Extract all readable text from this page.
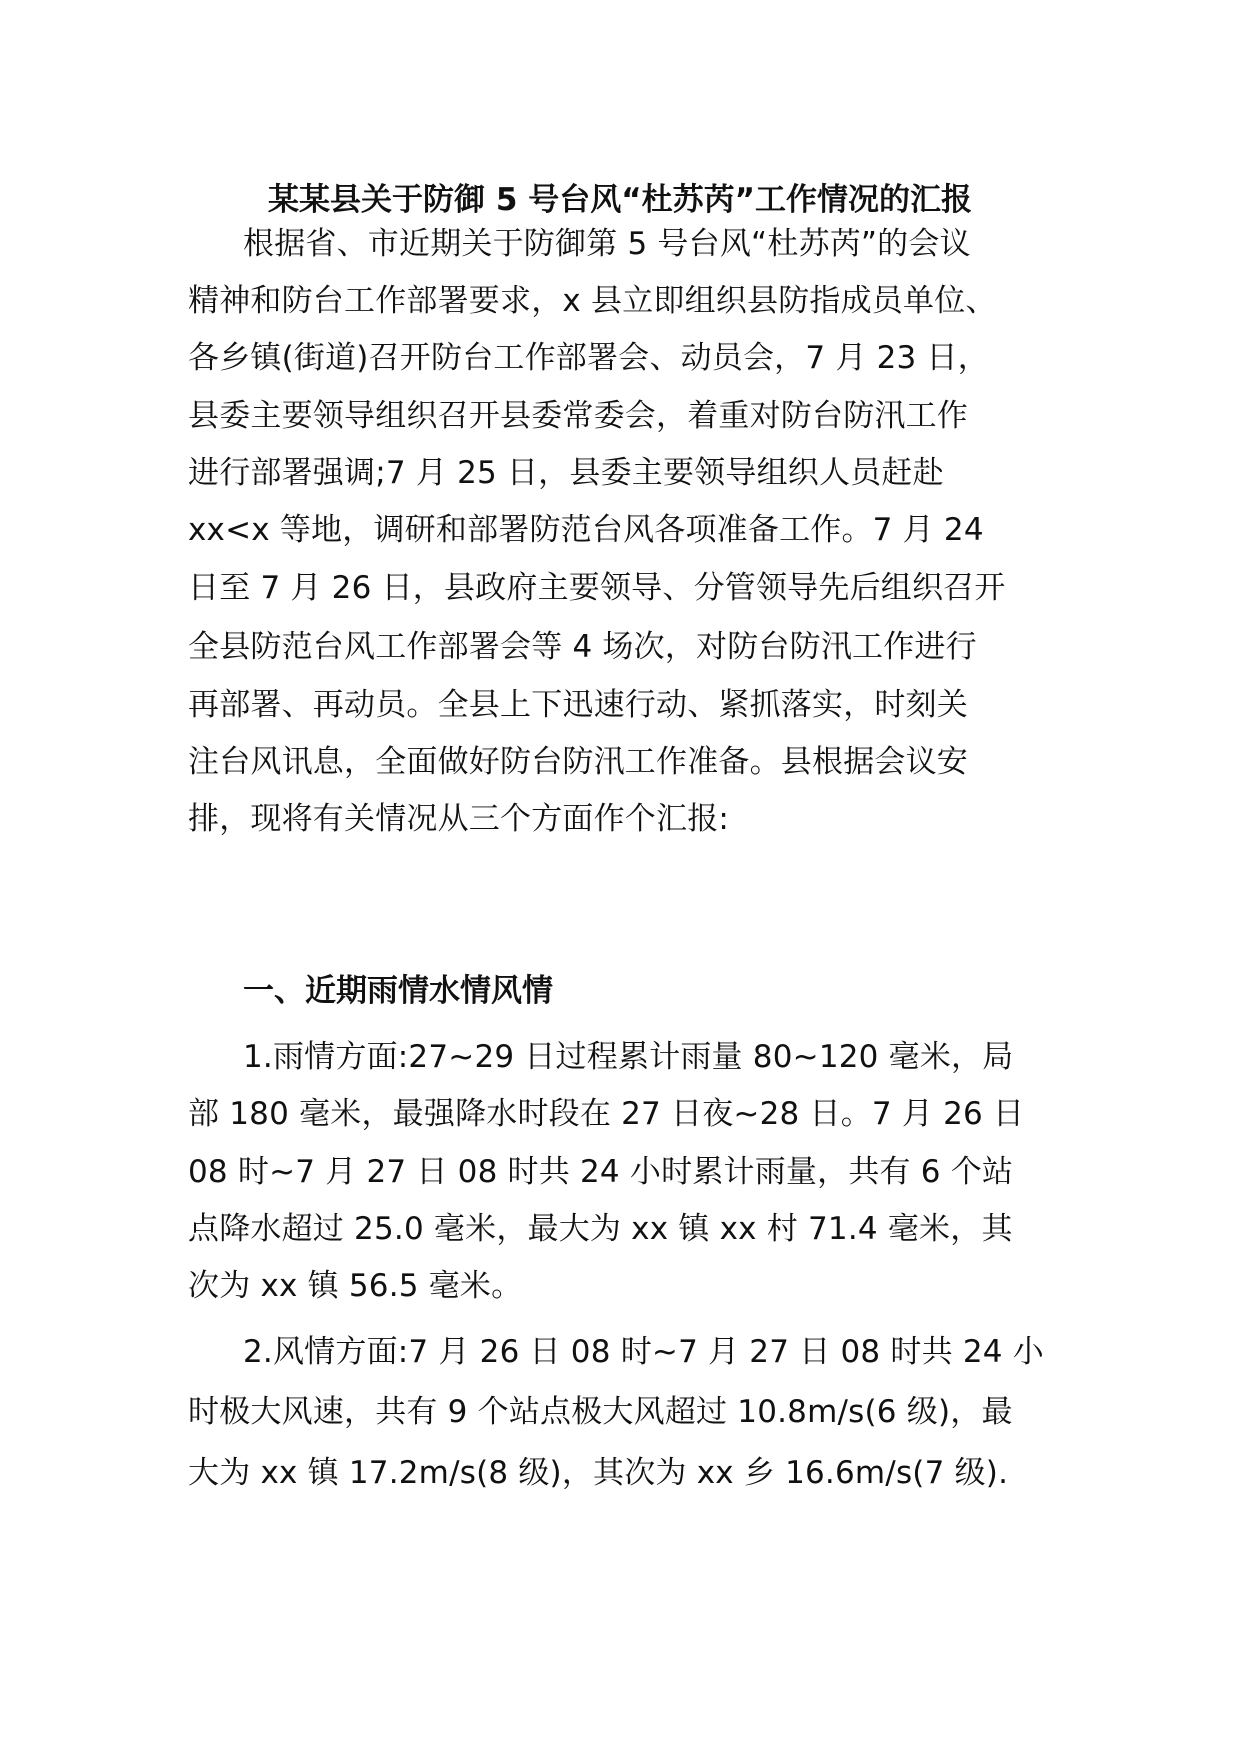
某某县关于防御 5 号台风“杜苏芮”工作情况的汇报
根据省、市近期关于防御第 5 号台风“杜苏芮”的会议
精神和防台工作部署要求，x 县立即组织县防指成员单位、
各乡镇(街道)召开防台工作部署会、动员会，7 月 23 日，
县委主要领导组织召开县委常委会，着重对防台防汛工作
进行部署强调;7 月 25 日，县委主要领导组织人员赶赴
xx<x 等地，调研和部署防范台风各项准备工作。7 月 24
日至 7 月 26 日，县政府主要领导、分管领导先后组织召开
全县防范台风工作部署会等 4 场次，对防台防汛工作进行
再部署、再动员。全县上下迅速行动、紧抓落实，时刻关
注台风讯息，全面做好防台防汛工作准备。县根据会议安
排，现将有关情况从三个方面作个汇报:
一、近期雨情水情风情
1.雨情方面:27~29 日过程累计雨量 80~120 毫米，局
部 180 毫米，最强降水时段在 27 日夜~28 日。7 月 26 日
08 时~7 月 27 日 08 时共 24 小时累计雨量，共有 6 个站
点降水超过 25.0 毫米，最大为 xx 镇 xx 村 71.4 毫米，其
次为 xx 镇 56.5 毫米。
2.风情方面:7 月 26 日 08 时~7 月 27 日 08 时共 24 小
时极大风速，共有 9 个站点极大风超过 10.8m/s(6 级)，最
大为 xx 镇 17.2m/s(8 级)，其次为 xx 乡 16.6m/s(7 级).
